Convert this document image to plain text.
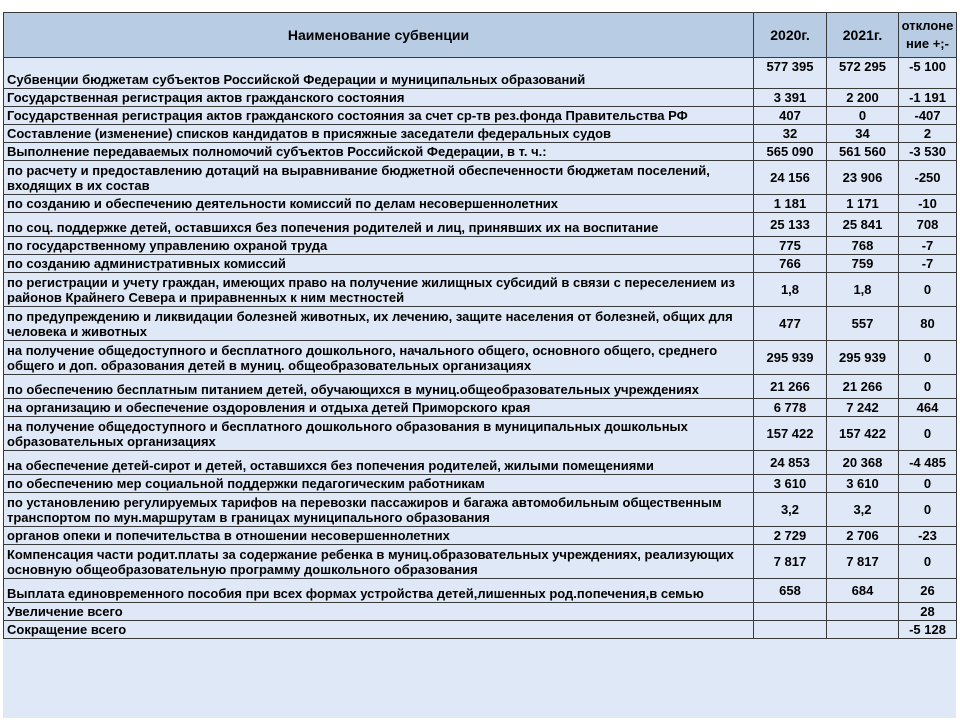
Наименование субвенции	2020г.	2021г.	отклоне ние +;-
Субвенции бюджетам субъектов Российской Федерации и муниципальных образований	577 395	572 295	-5 100
Государственная регистрация актов гражданского состояния	3 391	2 200	-1 191
Государственная регистрация актов гражданского состояния за счет ср-тв рез.фонда Правительства РФ	407	0	-407
Составление (изменение) списков кандидатов в присяжные заседатели федеральных судов	32	34	2
Выполнение передаваемых полномочий субъектов Российской Федерации, в т. ч.:	565 090	561 560	-3 530
по расчету и предоставлению дотаций на выравнивание бюджетной обеспеченности бюджетам поселений, входящих в их состав	24 156	23 906	-250
по созданию и обеспечению деятельности комиссий по делам несовершеннолетних	1 181	1 171	-10
по соц. поддержке детей, оставшихся без попечения родителей и лиц, принявших их на воспитание	25 133	25 841	708
по государственному управлению охраной труда	775	768	-7
по созданию административных комиссий	766	759	-7
по регистрации и учету граждан, имеющих право на получение жилищных субсидий в связи с переселением из районов Крайнего Севера и приравненных к ним местностей	1,8	1,8	0
по предупреждению и ликвидации болезней животных, их лечению, защите населения от болезней, общих для человека и животных	477	557	80
на получение общедоступного и бесплатного дошкольного, начального общего, основного общего, среднего общего и доп. образования детей в муниц. общеобразовательных организациях	295 939	295 939	0
по обеспечению бесплатным питанием детей, обучающихся в муниц.общеобразовательных учреждениях	21 266	21 266	0
на организацию и обеспечение оздоровления и отдыха детей Приморского края	6 778	7 242	464
на получение общедоступного и бесплатного дошкольного образования в муниципальных дошкольных образовательных организациях	157 422	157 422	0
на обеспечение детей-сирот и детей, оставшихся без попечения родителей, жилыми помещениями	24 853	20 368	-4 485
по обеспечению мер социальной поддержки педагогическим работникам	3 610	3 610	0
по установлению регулируемых тарифов на перевозки пассажиров и багажа автомобильным общественным транспортом по мун.маршрутам в границах муниципального образования	3,2	3,2	0
органов опеки и попечительства в отношении несовершеннолетних	2 729	2 706	-23
Компенсация части родит.платы за содержание ребенка в муниц.образовательных учреждениях, реализующих основную общеобразовательную программу дошкольного образования	7 817	7 817	0
Выплата единовременного пособия при всех формах устройства детей,лишенных род.попечения,в семью	658	684	26
Увеличение всего			28
Сокращение всего			-5 128
